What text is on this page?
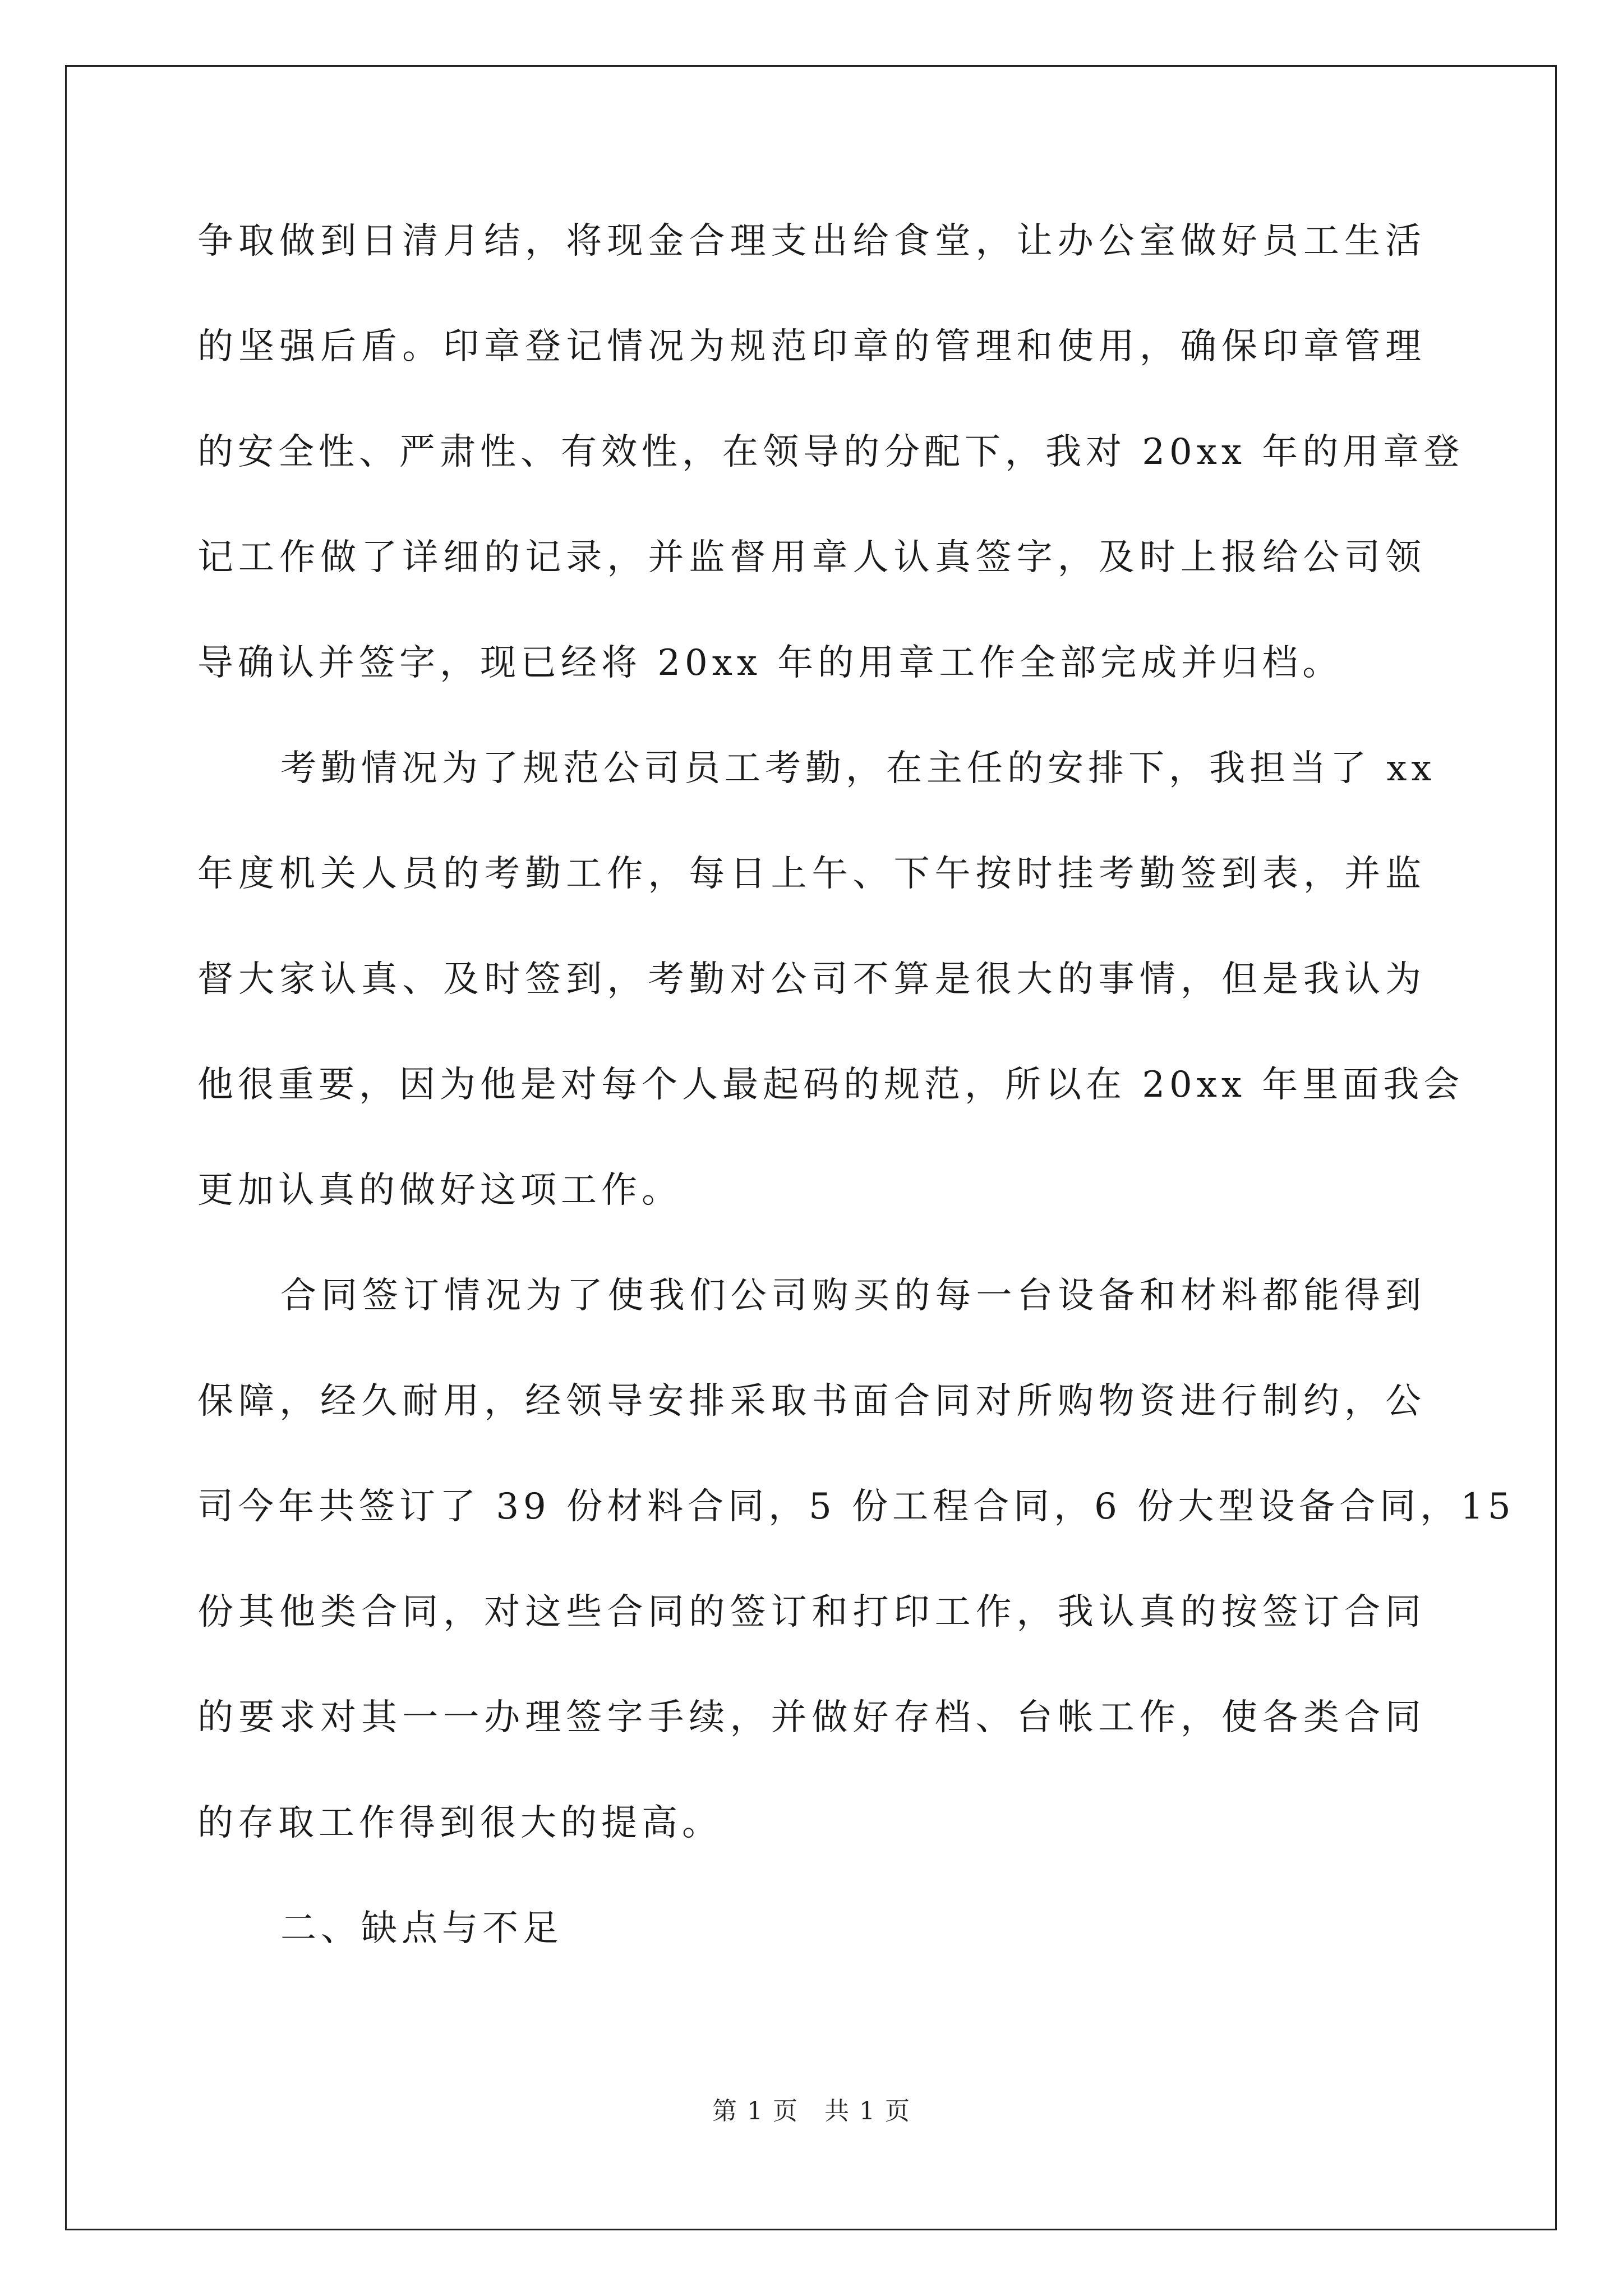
争取做到日清月结，将现金合理支出给食堂，让办公室做好员工生活
的坚强后盾。印章登记情况为规范印章的管理和使用，确保印章管理
的安全性、严肃性、有效性，在领导的分配下，我对 20xx 年的用章登
记工作做了详细的记录，并监督用章人认真签字，及时上报给公司领
导确认并签字，现已经将 20xx 年的用章工作全部完成并归档。
考勤情况为了规范公司员工考勤，在主任的安排下，我担当了 xx
年度机关人员的考勤工作，每日上午、下午按时挂考勤签到表，并监
督大家认真、及时签到，考勤对公司不算是很大的事情，但是我认为
他很重要，因为他是对每个人最起码的规范，所以在 20xx 年里面我会
更加认真的做好这项工作。
合同签订情况为了使我们公司购买的每一台设备和材料都能得到
保障，经久耐用，经领导安排采取书面合同对所购物资进行制约，公
司今年共签订了 39 份材料合同，5 份工程合同，6 份大型设备合同，15
份其他类合同，对这些合同的签订和打印工作，我认真的按签订合同
的要求对其一一办理签字手续，并做好存档、台帐工作，使各类合同
的存取工作得到很大的提高。
二、缺点与不足
第 1 页　共 1 页
